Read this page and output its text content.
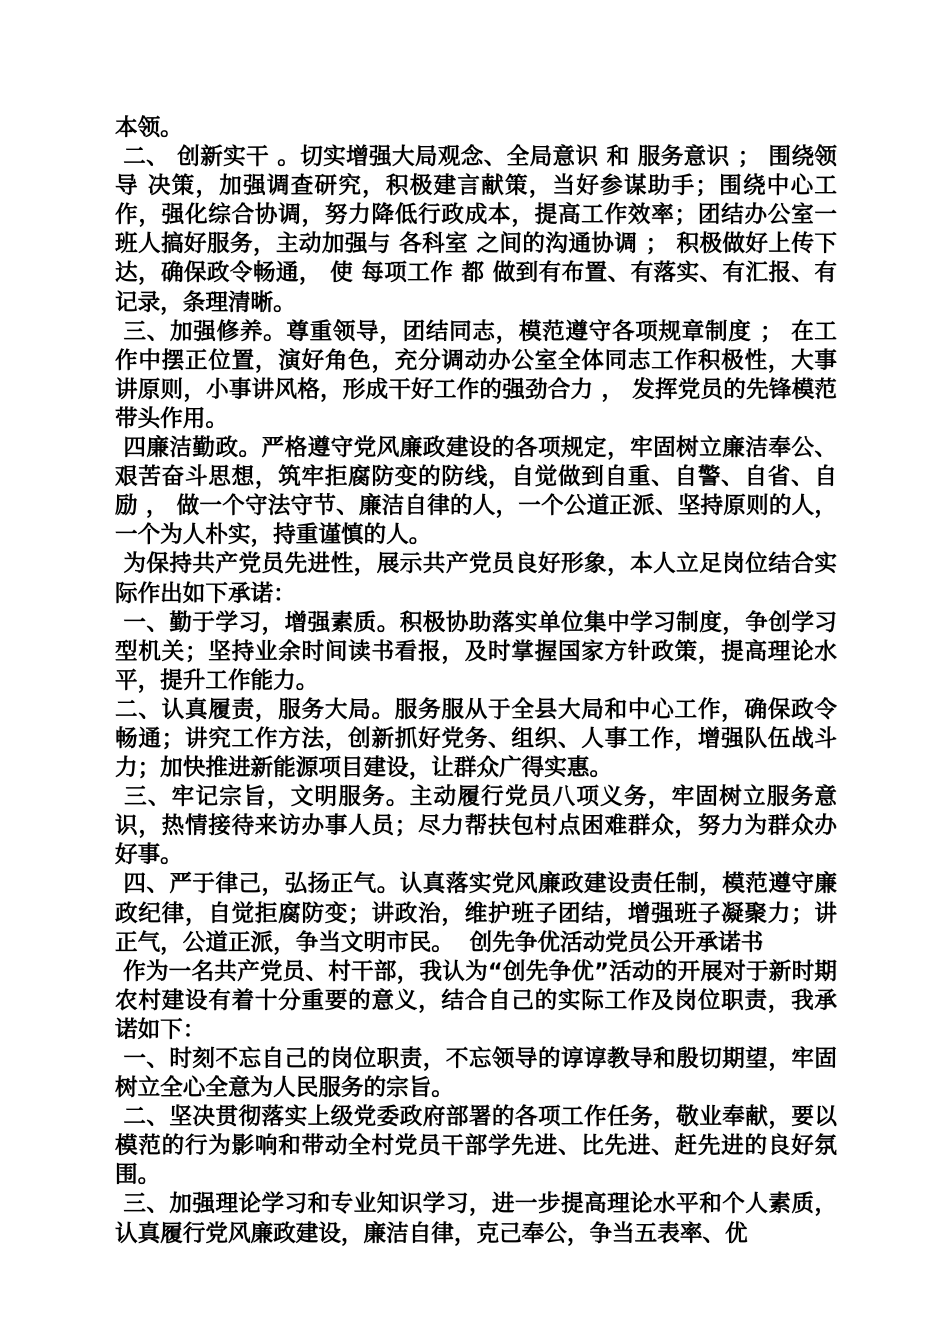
本领。

二、 创新实干 。切实增强大局观念、全局意识 和 服务意识 ； 围绕领导 决策，加强调查研究，积极建言献策，当好参谋助手；围绕中心工作，强化综合协调，努力降低行政成本，提高工作效率；团结办公室一班人搞好服务，主动加强与 各科室 之间的沟通协调 ； 积极做好上传下达，确保政令畅通， 使 每项工作 都 做到有布置、有落实、有汇报、有记录，条理清晰。

三、加强修养。尊重领导，团结同志，模范遵守各项规章制度 ； 在工作中摆正位置，演好角色，充分调动办公室全体同志工作积极性，大事讲原则，小事讲风格，形成干好工作的强劲合力 ， 发挥党员的先锋模范带头作用。

四廉洁勤政。严格遵守党风廉政建设的各项规定，牢固树立廉洁奉公、艰苦奋斗思想，筑牢拒腐防变的防线，自觉做到自重、自警、自省、自励 ， 做一个守法守节、廉洁自律的人，一个公道正派、坚持原则的人，一个为人朴实，持重谨慎的人。

为保持共产党员先进性，展示共产党员良好形象，本人立足岗位结合实际作出如下承诺：

一、勤于学习，增强素质。积极协助落实单位集中学习制度，争创学习型机关；坚持业余时间读书看报，及时掌握国家方针政策，提高理论水平，提升工作能力。

二、认真履责，服务大局。服务服从于全县大局和中心工作，确保政令畅通；讲究工作方法，创新抓好党务、组织、人事工作，增强队伍战斗力；加快推进新能源项目建设，让群众广得实惠。

三、牢记宗旨，文明服务。主动履行党员八项义务，牢固树立服务意识，热情接待来访办事人员；尽力帮扶包村点困难群众，努力为群众办好事。

四、严于律己，弘扬正气。认真落实党风廉政建设责任制，模范遵守廉政纪律，自觉拒腐防变；讲政治，维护班子团结，增强班子凝聚力；讲正气，公道正派，争当文明市民。  创先争优活动党员公开承诺书

作为一名共产党员、村干部，我认为“创先争优”活动的开展对于新时期农村建设有着十分重要的意义，结合自己的实际工作及岗位职责，我承诺如下：

一、时刻不忘自己的岗位职责，不忘领导的谆谆教导和殷切期望，牢固树立全心全意为人民服务的宗旨。

二、坚决贯彻落实上级党委政府部署的各项工作任务，敬业奉献，要以模范的行为影响和带动全村党员干部学先进、比先进、赶先进的良好氛围。

三、加强理论学习和专业知识学习，进一步提高理论水平和个人素质，认真履行党风廉政建设，廉洁自律，克己奉公，争当五表率、优
